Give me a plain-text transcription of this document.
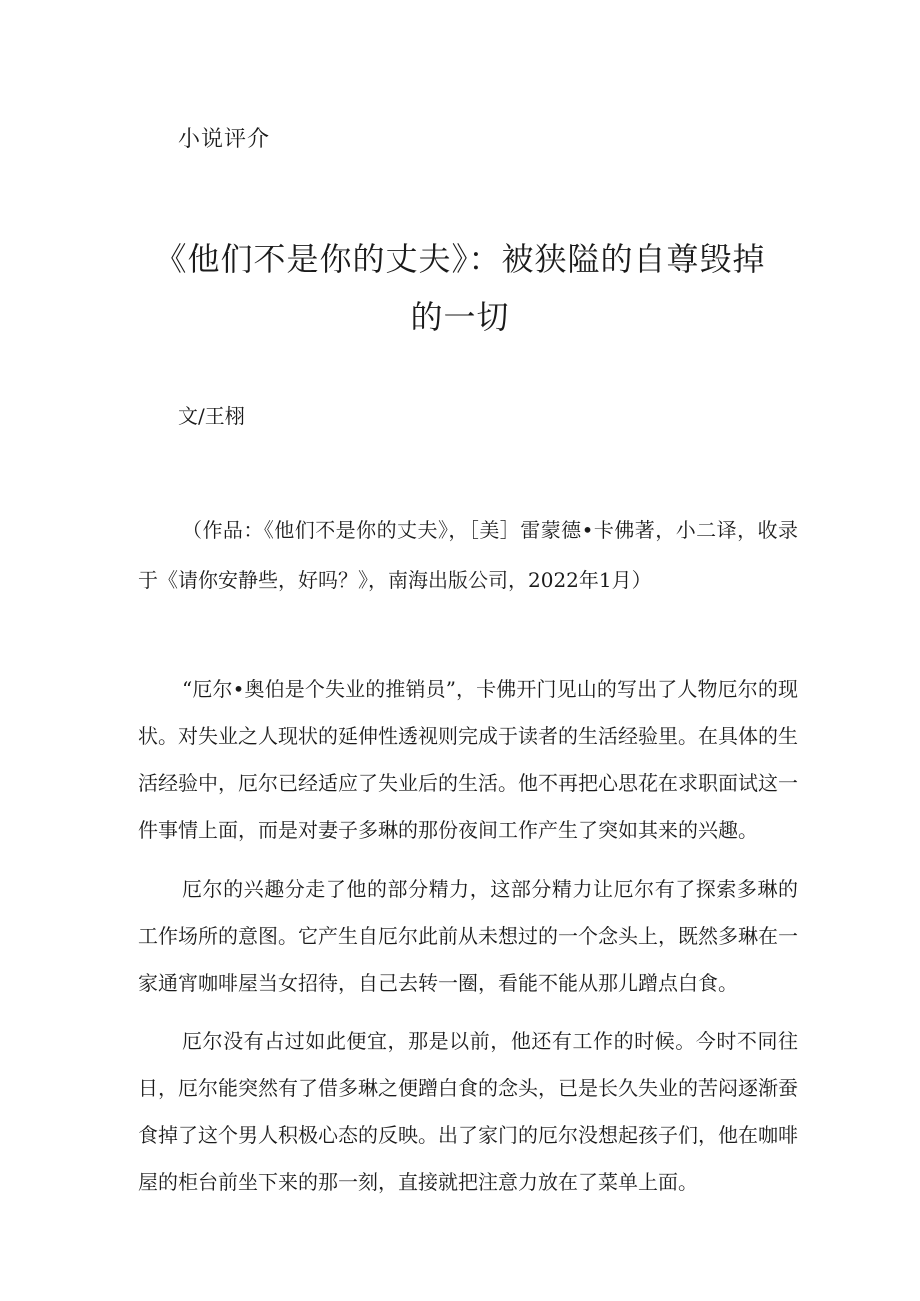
小说评介
《他们不是你的丈夫》：被狭隘的自尊毁掉
的一切

文/王栩

（作品：《他们不是你的丈夫》，［美］雷蒙德•卡佛著，小二译，收录于《请你安静些，好吗？》，南海出版公司，2022年1月）

“厄尔•奥伯是个失业的推销员”，卡佛开门见山的写出了人物厄尔的现状。对失业之人现状的延伸性透视则完成于读者的生活经验里。在具体的生活经验中，厄尔已经适应了失业后的生活。他不再把心思花在求职面试这一件事情上面，而是对妻子多琳的那份夜间工作产生了突如其来的兴趣。

厄尔的兴趣分走了他的部分精力，这部分精力让厄尔有了探索多琳的工作场所的意图。它产生自厄尔此前从未想过的一个念头上，既然多琳在一家通宵咖啡屋当女招待，自己去转一圈，看能不能从那儿蹭点白食。

厄尔没有占过如此便宜，那是以前，他还有工作的时候。今时不同往日，厄尔能突然有了借多琳之便蹭白食的念头，已是长久失业的苦闷逐渐蚕食掉了这个男人积极心态的反映。出了家门的厄尔没想起孩子们，他在咖啡屋的柜台前坐下来的那一刻，直接就把注意力放在了菜单上面。
